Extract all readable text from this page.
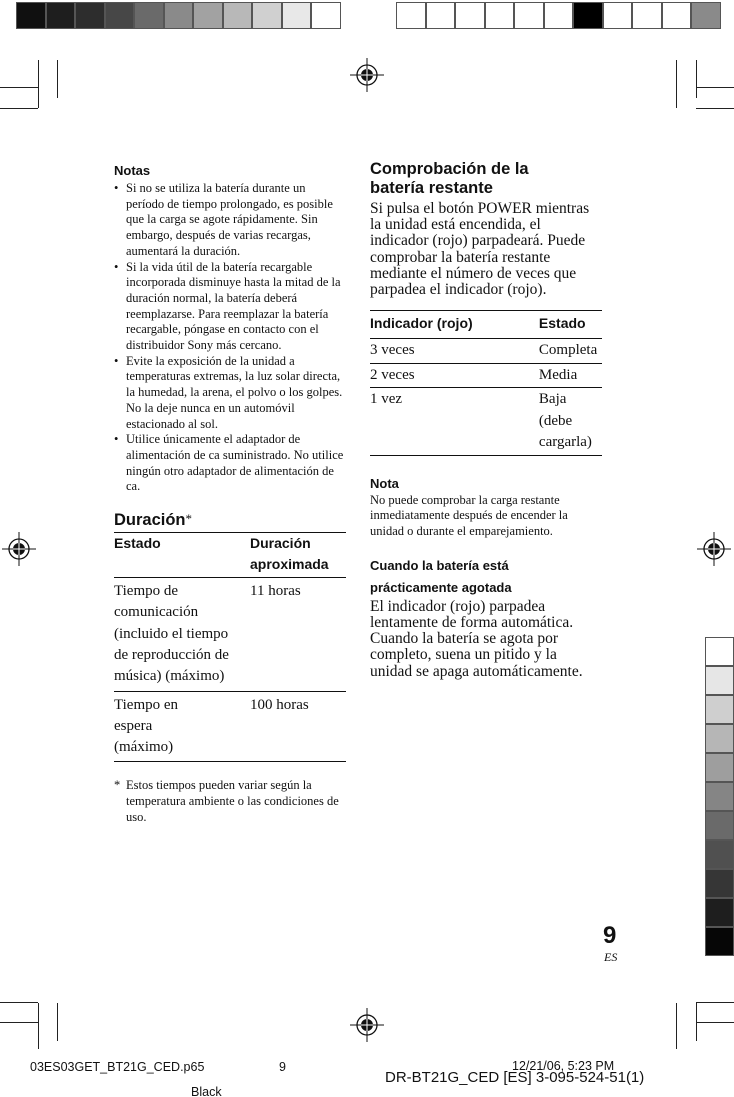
Notas
• Si no se utiliza la batería durante un período de tiempo prolongado, es posible que la carga se agote rápidamente. Sin embargo, después de varias recargas, aumentará la duración.
• Si la vida útil de la batería recargable incorporada disminuye hasta la mitad de la duración normal, la batería deberá reemplazarse. Para reemplazar la batería recargable, póngase en contacto con el distribuidor Sony más cercano.
• Evite la exposición de la unidad a temperaturas extremas, la luz solar directa, la humedad, la arena, el polvo o los golpes. No la deje nunca en un automóvil estacionado al sol.
• Utilice únicamente el adaptador de alimentación de ca suministrado. No utilice ningún otro adaptador de alimentación de ca.
Duración*
Estado	Duración aproximada
Tiempo de comunicación (incluido el tiempo de reproducción de música) (máximo)	11 horas
Tiempo en espera (máximo)	100 horas
* Estos tiempos pueden variar según la temperatura ambiente o las condiciones de uso.
Comprobación de la batería restante
Si pulsa el botón POWER mientras la unidad está encendida, el indicador (rojo) parpadeará. Puede comprobar la batería restante mediante el número de veces que parpadea el indicador (rojo).
Indicador (rojo)	Estado
3 veces	Completa
2 veces	Media
1 vez	Baja (debe cargarla)
Nota
No puede comprobar la carga restante inmediatamente después de encender la unidad o durante el emparejamiento.
Cuando la batería está prácticamente agotada
El indicador (rojo) parpadea lentamente de forma automática. Cuando la batería se agota por completo, suena un pitido y la unidad se apaga automáticamente.
9
ES
03ES03GET_BT21G_CED.p65	9	12/21/06, 5:23 PM
DR-BT21G_CED [ES] 3-095-524-51(1)
Black
